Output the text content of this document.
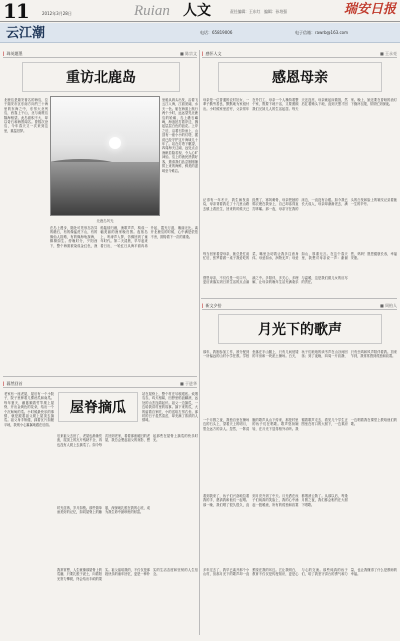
11	2012年3月28日	Ruian 人文	责任编辑：王东红　编辑：孙培强	瑞安日报
云江潮	电话：65819006	电子信箱：rawrb@163.com
| 珠英题墨	■ 陈宗文
重访北鹿岛
北鹿岛是瑞安著名的海岛，位于瑞安市区东南方向约三十海里的东海之中，东邻大北列岛，西靠上干山，北与南麂岛隔海相望。此岛面积不大，却以奇石和海景闻名。曾数次登岛，今年春天又一次来到这里，重温旧梦。
北鹿岛风光
坐船从码头出发，沿着飞云江入海，江面宽阔，水天一色。船在海面上航行两个小时，远远望见北鹿岛的轮廓，岛上礁石嶙峋，海浪拍打着岸边，溅起层层白色的浪花。上岸之后，沿着石阶而上，山顶有一座小小的灯塔，据说已经守护这片海域几十年了。站在灯塔下眺望，四周海天辽阔，远处点点渔帆若隐若现，令人心旷神怡。岛上的渔民热情好客，邀请我们品尝刚刚捕捞上来的海鲜，鲜美的滋味至今难忘。
在岛上漫步，随处可见形态各异的礁石，有的像猛虎下山，有的像仙人指路，有的像海龟探海，栩栩如生。傍晚时分，夕阳西下，整个海面被染成金红色，渔船陆续归港，渔歌声声，构成一幅美丽的渔家晚归图。夜宿岛上，听涛声入梦，仿佛回到了童年时代。第二天清晨，早早起来看日出，一轮红日从海平面冉冉升起，霞光万道，瑰丽无比。离开北鹿岛的时候，心中满是依依不舍，期待着下一次的重逢。
| 感怀人文	■ 王永亮
感恩母亲
母亲是一位普通的农村妇女，一辈子勤劳善良，默默地为家庭付出。小时候家里贫穷，父亲常年在外打工，母亲一个人操持着整个家，既要下地干活，又要照顾我们兄妹几人的生活起居。每天天还没亮，母亲就起床做饭，然后扛着锄头下地，直到天黑才回家。晚上，她还要在昏暗的油灯下缝补衣服，常常忙到深夜。
记得有一年冬天，我生病发高烧，母亲背着我走了十几里山路去镇上看医生，回来的时候天已经黑了，寒风刺骨，母亲把她的棉衣裹在我身上，自己却冻得直打哆嗦。那一夜，母亲守在我的床边，一直没有合眼。如今我已长大成人，母亲却渐渐老去，满头的白发和脸上的皱纹记录着她一生的辛劳。
每当回家看望母亲，她总是忙前忙后，张罗着做一桌子我爱吃的菜，嘴里念叨着让我多注意身体。母爱如水，润物无声；母爱如山，厚重无言。在这个春天里，我想对母亲说一声：谢谢您，妈妈！愿您健康长寿，幸福安康。
感恩母亲，不仅仅是一句口号，更应该落实到日常生活的点点滴滴之中。多陪伴，多关心，多理解，让母亲的晚年生活充满欢乐与温暖，这是我们做儿女的应尽的责任。
| 新文夕拾	■ 周柏人
月光下的歌声
那年，我刚参加工作，被分配到一所偏远的山村小学任教。学校坐落在半山腰上，只有几间低矮的平房和一块泥土操场。白天，孩子们琅琅的读书声在山谷间回荡；到了夜晚，四周一片寂静，只有虫鸣和风声陪伴着我。初来乍到，我常常感到孤独和寂寞。
一个月圆之夜，我独自坐在操场边的石头上，望着天上的明月，思念远方的亲人。忽然，一阵清脆的歌声从山下传来，那是村里的孩子们在唱歌。歌声悠扬婉转，在月光下显得格外动听。我循着歌声走去，看见几个学生正围坐在村口的大树下，一边乘凉一边唱着我在课堂上教给他们的歌。
看到我来了，孩子们兴奋地拉着我的手，邀请我和他们一起唱。那一晚，我们唱了很久很久，直到月亮升到了中天。月光洒在孩子们纯真的笑脸上，我的心中涌起一股暖流，所有的孤独和寂寞都烟消云散了。从那以后，每逢月圆之夜，我们都会相约在大树下唱歌。
多年过去了，我早已离开那个小山村，但那月光下的歌声却一直萦绕在我的耳边。它让我明白，教育不仅仅是传授知识，更是心与心的交流。那些纯真的孩子们，给了我坚守讲台的勇气和力量，也让我懂得了什么是教师的幸福。
| 暮然回首	■ 于进华
屋脊摘瓜
老家有一座老屋，屋后有一个小院子，院子里种着几棵丝瓜和南瓜。每年夏天，藤蔓顺着竹竿爬上屋脊，开出金黄色的花朵，结出一个个沉甸甸的瓜。小时候最快乐的事情，就是跟着祖父爬上屋顶去摘瓜。祖父身手矫健，踩着瓦片如履平地，我则小心翼翼地跟在后面。
站在屋脊上，整个村庄尽收眼底。炊烟袅袅，鸡犬相闻，田野里稻浪翻滚，远处的山峦连绵起伏。祖父一边摘瓜，一边给我讲村里的故事。摘下来的瓜，大的留着自家吃，小的送给左邻右舍。那时的日子虽然清贫，却充满了浓浓的人情味。
后来祖父去世了，老屋也渐渐荒废，屋顶上的瓦片残缺不全，再也没有人爬上去摘瓜了。如今每次回到老家，看着那座破旧的老屋，我总会想起祖父的身影，想起那些在屋脊上摘瓜的快乐时光。
时光荏苒，岁月如梭。那些简单而美好的记忆，如同屋脊上的藤蔓，深深地扎根在我的心底，成为我生命中最珍贵的财富。
我常常想，人生就像那屋脊上的瓜藤，只要扎根于泥土，向着阳光努力攀爬，终会结出丰硕的果实。祖父留给我的，不仅仅是那段快乐的童年回忆，更是一种朴实的生活态度和坚韧的人生信念。
